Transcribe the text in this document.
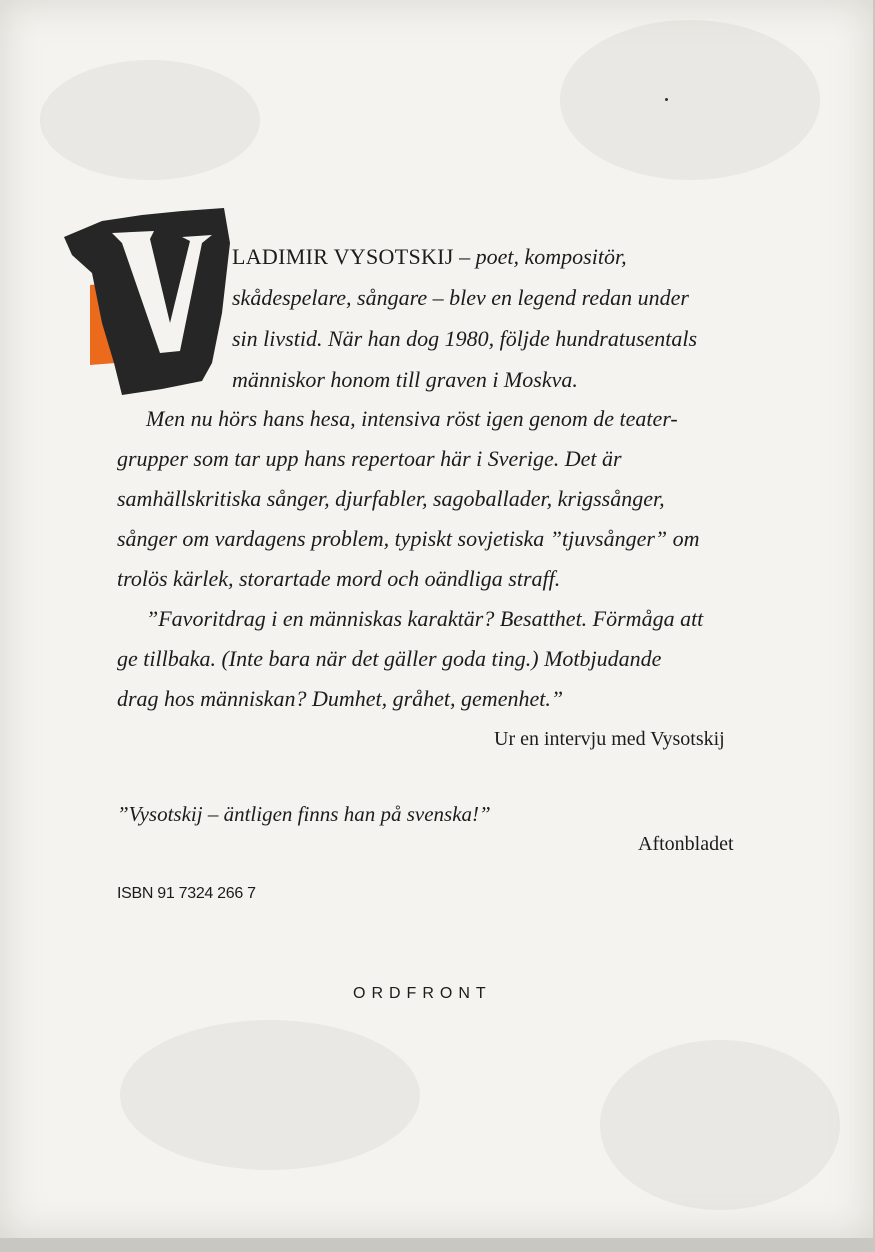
V
LADIMIR VYSOTSKIJ – poet, kompositör,
skådespelare, sångare – blev en legend redan under
sin livstid. När han dog 1980, följde hundratusentals
människor honom till graven i Moskva.
Men nu hörs hans hesa, intensiva röst igen genom de teater-
grupper som tar upp hans repertoar här i Sverige. Det är
samhällskritiska sånger, djurfabler, sagoballader, krigssånger,
sånger om vardagens problem, typiskt sovjetiska ”tjuvsånger” om
trolös kärlek, storartade mord och oändliga straff.
”Favoritdrag i en människas karaktär? Besatthet. Förmåga att
ge tillbaka. (Inte bara när det gäller goda ting.) Motbjudande
drag hos människan? Dumhet, gråhet, gemenhet.”
Ur en intervju med Vysotskij
”Vysotskij – äntligen finns han på svenska!”
Aftonbladet
ISBN 91 7324 266 7
ORDFRONT
